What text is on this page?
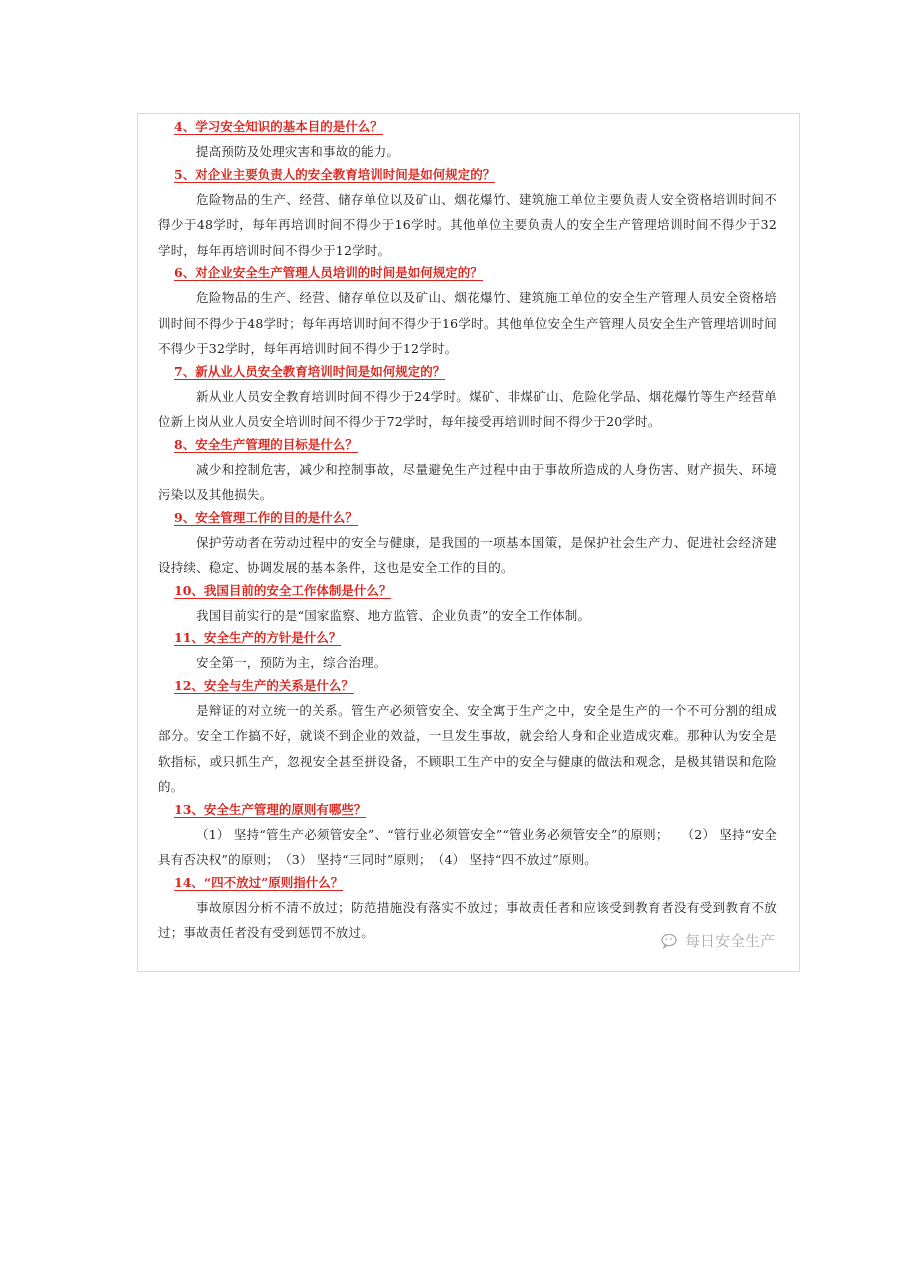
4、学习安全知识的基本目的是什么？

提高预防及处理灾害和事故的能力。

5、对企业主要负责人的安全教育培训时间是如何规定的？

危险物品的生产、经营、储存单位以及矿山、烟花爆竹、建筑施工单位主要负责人安全资格培训时间不得少于48学时，每年再培训时间不得少于16学时。其他单位主要负责人的安全生产管理培训时间不得少于32学时，每年再培训时间不得少于12学时。

6、对企业安全生产管理人员培训的时间是如何规定的？

危险物品的生产、经营、储存单位以及矿山、烟花爆竹、建筑施工单位的安全生产管理人员安全资格培训时间不得少于48学时；每年再培训时间不得少于16学时。其他单位安全生产管理人员安全生产管理培训时间不得少于32学时，每年再培训时间不得少于12学时。

7、新从业人员安全教育培训时间是如何规定的？

新从业人员安全教育培训时间不得少于24学时。煤矿、非煤矿山、危险化学品、烟花爆竹等生产经营单位新上岗从业人员安全培训时间不得少于72学时，每年接受再培训时间不得少于20学时。

8、安全生产管理的目标是什么？

减少和控制危害，减少和控制事故，尽量避免生产过程中由于事故所造成的人身伤害、财产损失、环境污染以及其他损失。

9、安全管理工作的目的是什么？

保护劳动者在劳动过程中的安全与健康，是我国的一项基本国策，是保护社会生产力、促进社会经济建设持续、稳定、协调发展的基本条件，这也是安全工作的目的。

10、我国目前的安全工作体制是什么？

我国目前实行的是“国家监察、地方监管、企业负责”的安全工作体制。

11、安全生产的方针是什么？

安全第一，预防为主，综合治理。

12、安全与生产的关系是什么？

是辩证的对立统一的关系。管生产必须管安全、安全寓于生产之中，安全是生产的一个不可分割的组成部分。安全工作搞不好，就谈不到企业的效益，一旦发生事故，就会给人身和企业造成灾难。那种认为安全是软指标，或只抓生产，忽视安全甚至拼设备，不顾职工生产中的安全与健康的做法和观念，是极其错误和危险的。

13、安全生产管理的原则有哪些？

（1） 坚持“管生产必须管安全”、“管行业必须管安全”“管业务必须管安全”的原则；　　（2） 坚持“安全具有否决权”的原则；　（3） 坚持“三同时”原则；　（4） 坚持“四不放过”原则。

14、“四不放过”原则指什么？

事故原因分析不清不放过；防范措施没有落实不放过；事故责任者和应该受到教育者没有受到教育不放过；事故责任者没有受到惩罚不放过。	每日安全生产
